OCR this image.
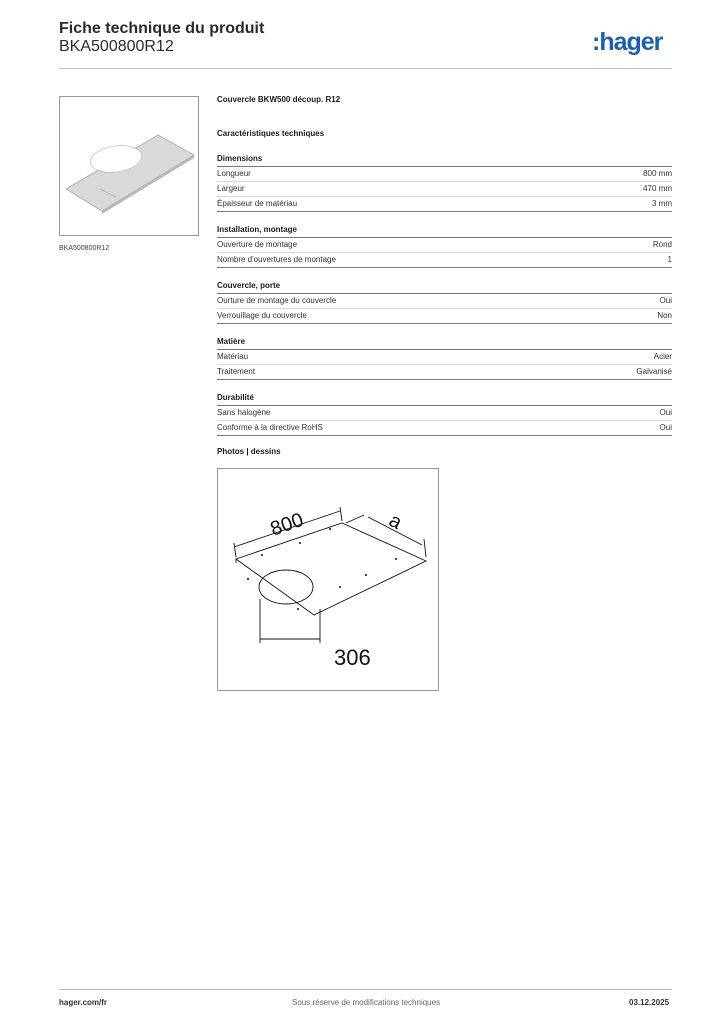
Fiche technique du produit
BKA500800R12	:hager
BKA500800R12
Couvercle BKW500 découp. R12
Caractéristiques techniques
Dimensions
Longueur	800 mm
Largeur	470 mm
Épaisseur de matériau	3 mm
Installation, montage
Ouverture de montage	Rond
Nombre d'ouvertures de montage	1
Couvercle, porte
Ourture de montage du couvercle	Oui
Verrouillage du couvercle	Non
Matière
Matériau	Acier
Traitement	Galvanisé
Durabilité
Sans halogène	Oui
Conforme à la directive RoHS	Oui
Photos | dessins
800	a
306
hager.com/fr	Sous réserve de modifications techniques	03.12.2025
